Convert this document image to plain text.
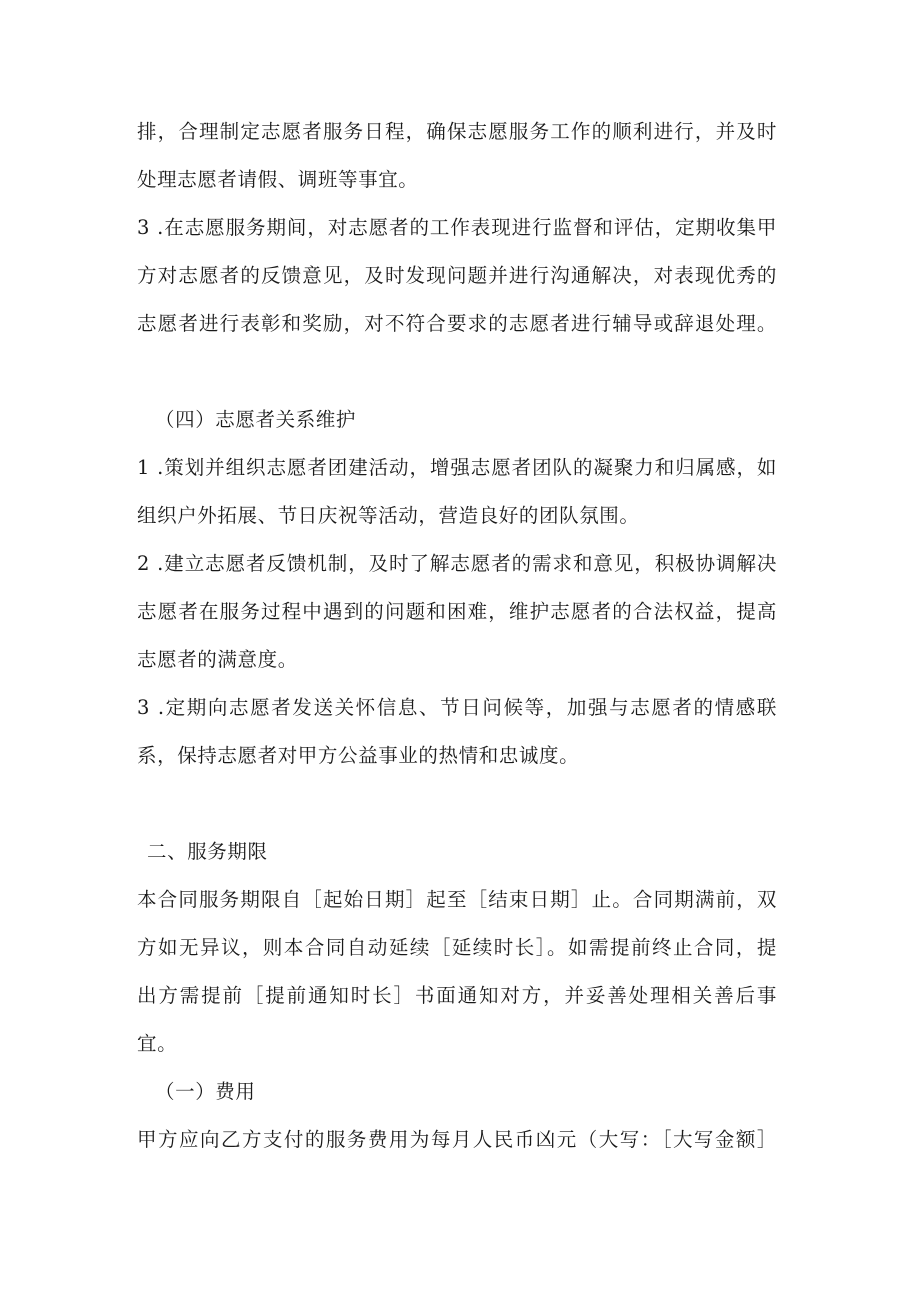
排，合理制定志愿者服务日程，确保志愿服务工作的顺利进行，并及时
处理志愿者请假、调班等事宜。
3 .在志愿服务期间，对志愿者的工作表现进行监督和评估，定期收集甲
方对志愿者的反馈意见，及时发现问题并进行沟通解决，对表现优秀的
志愿者进行表彰和奖励，对不符合要求的志愿者进行辅导或辞退处理。
（四）志愿者关系维护
1 .策划并组织志愿者团建活动，增强志愿者团队的凝聚力和归属感，如
组织户外拓展、节日庆祝等活动，营造良好的团队氛围。
2 .建立志愿者反馈机制，及时了解志愿者的需求和意见，积极协调解决
志愿者在服务过程中遇到的问题和困难，维护志愿者的合法权益，提高
志愿者的满意度。
3 .定期向志愿者发送关怀信息、节日问候等，加强与志愿者的情感联
系，保持志愿者对甲方公益事业的热情和忠诚度。
二、服务期限
本合同服务期限自［起始日期］起至［结束日期］止。合同期满前，双
方如无异议，则本合同自动延续［延续时长］。如需提前终止合同，提
出方需提前［提前通知时长］书面通知对方，并妥善处理相关善后事
宜。
（一）费用
甲方应向乙方支付的服务费用为每月人民币凶元（大写：［大写金额］
